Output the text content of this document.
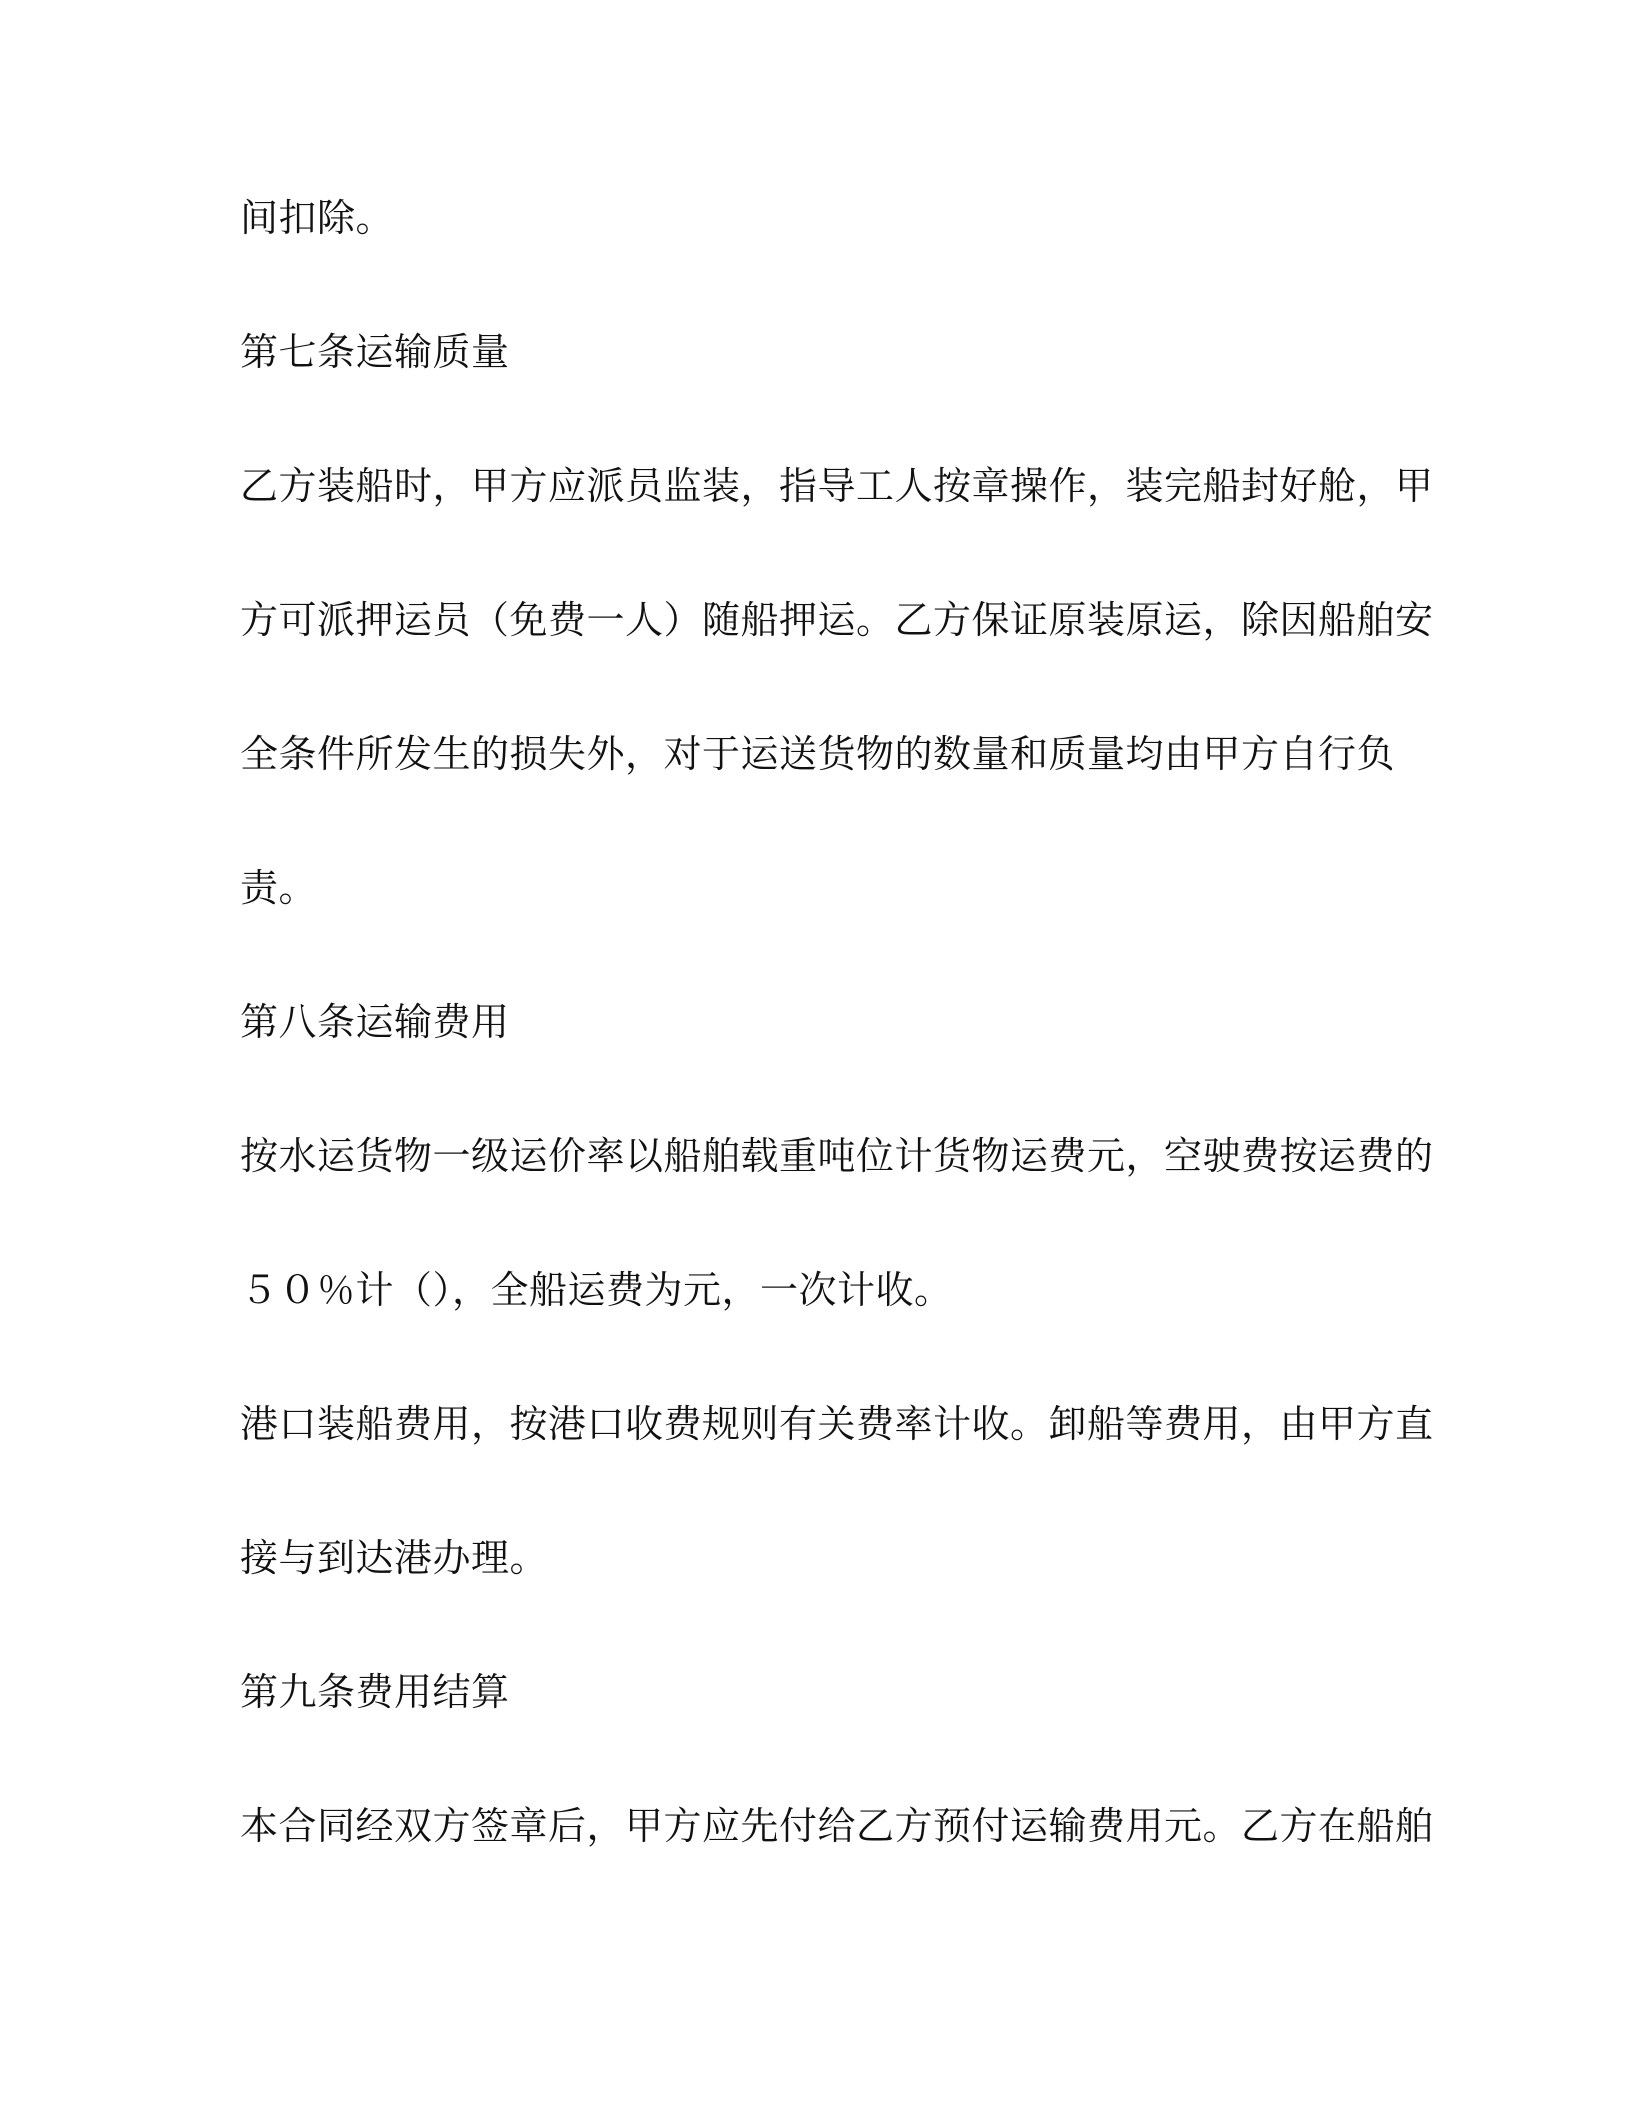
间扣除。

第七条运输质量

乙方装船时，甲方应派员监装，指导工人按章操作，装完船封好舱，甲

方可派押运员（免费一人）随船押运。乙方保证原装原运，除因船舶安

全条件所发生的损失外，对于运送货物的数量和质量均由甲方自行负

责。

第八条运输费用

按水运货物一级运价率以船舶载重吨位计货物运费元，空驶费按运费的

５０％计（），全船运费为元，一次计收。

港口装船费用，按港口收费规则有关费率计收。卸船等费用，由甲方直

接与到达港办理。

第九条费用结算

本合同经双方签章后，甲方应先付给乙方预付运输费用元。乙方在船舶
